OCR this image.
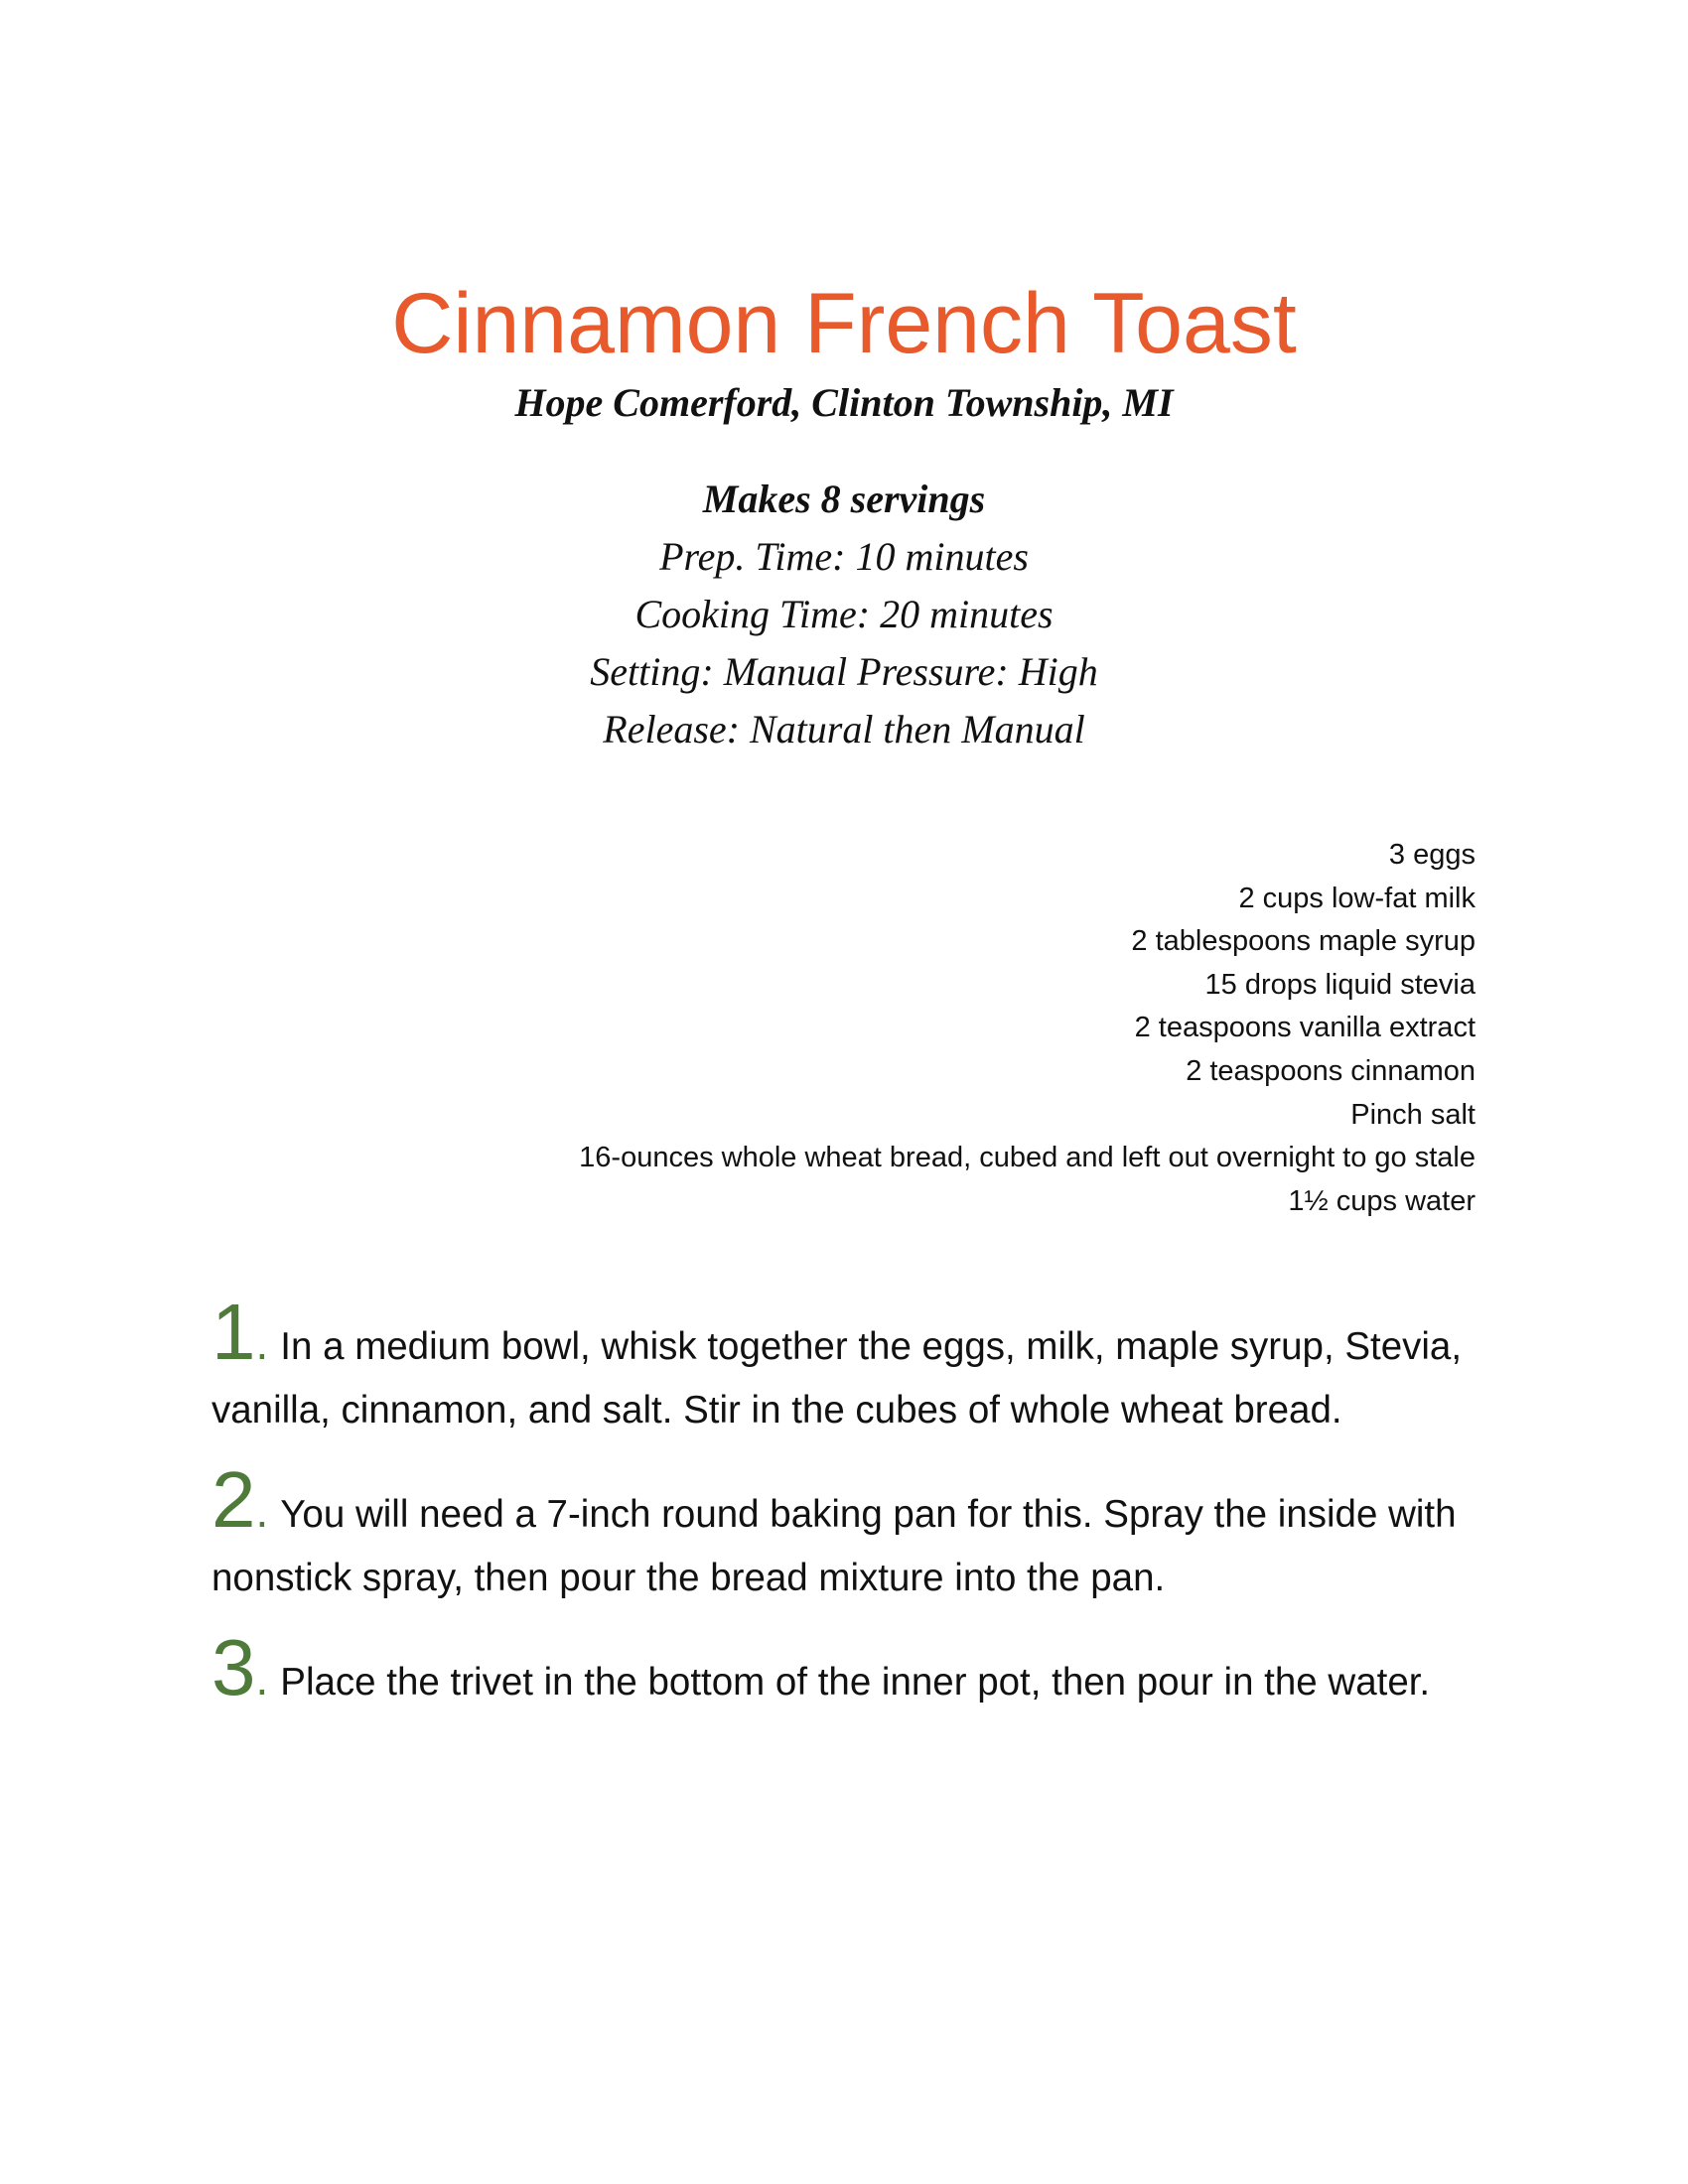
Cinnamon French Toast
Hope Comerford, Clinton Township, MI
Makes 8 servings
Prep. Time: 10 minutes
Cooking Time: 20 minutes
Setting: Manual Pressure: High
Release: Natural then Manual
3 eggs
2 cups low-fat milk
2 tablespoons maple syrup
15 drops liquid stevia
2 teaspoons vanilla extract
2 teaspoons cinnamon
Pinch salt
16-ounces whole wheat bread, cubed and left out overnight to go stale
1½ cups water
1. In a medium bowl, whisk together the eggs, milk, maple syrup, Stevia, vanilla, cinnamon, and salt. Stir in the cubes of whole wheat bread.
2. You will need a 7-inch round baking pan for this. Spray the inside with nonstick spray, then pour the bread mixture into the pan.
3. Place the trivet in the bottom of the inner pot, then pour in the water.
